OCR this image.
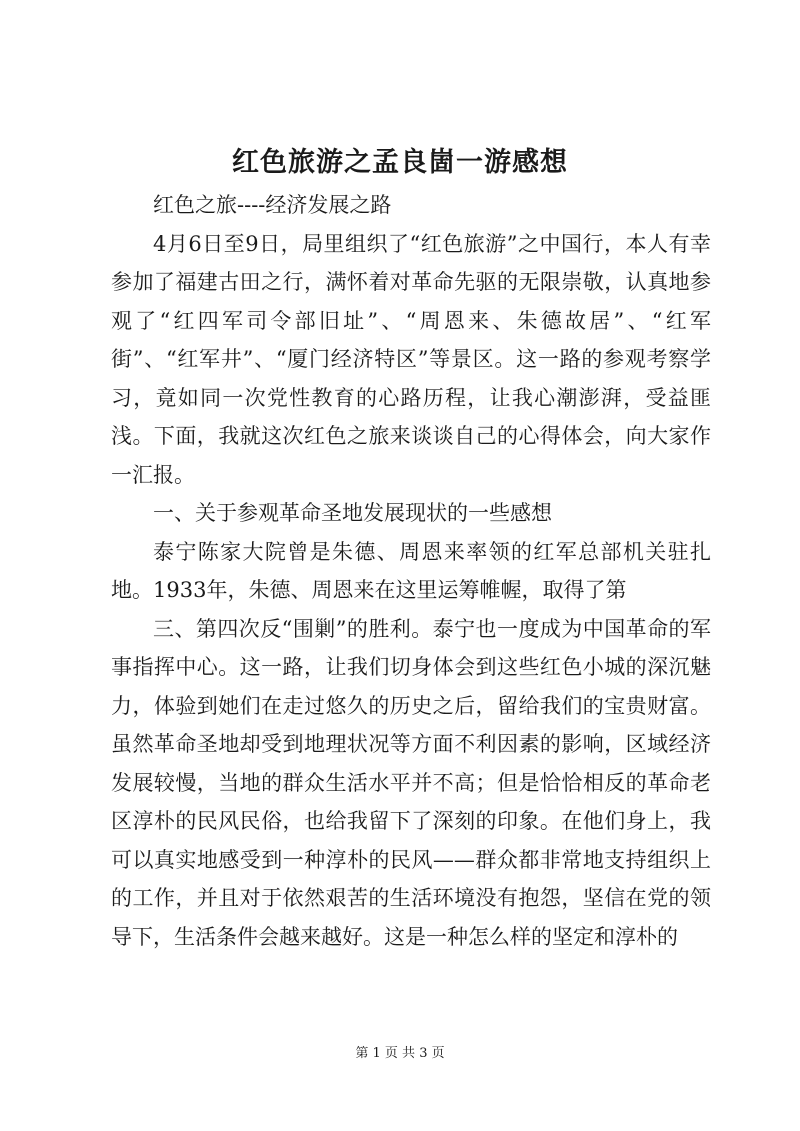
红色旅游之孟良崮一游感想

红色之旅----经济发展之路

4月6日至9日，局里组织了“红色旅游”之中国行，本人有幸参加了福建古田之行，满怀着对革命先驱的无限崇敬，认真地参观了“红四军司令部旧址”、“周恩来、朱德故居”、“红军街”、“红军井”、“厦门经济特区”等景区。这一路的参观考察学习，竟如同一次党性教育的心路历程，让我心潮澎湃，受益匪浅。下面，我就这次红色之旅来谈谈自己的心得体会，向大家作一汇报。

一、关于参观革命圣地发展现状的一些感想

泰宁陈家大院曾是朱德、周恩来率领的红军总部机关驻扎地。1933年，朱德、周恩来在这里运筹帷幄，取得了第

三、第四次反“围剿”的胜利。泰宁也一度成为中国革命的军事指挥中心。这一路，让我们切身体会到这些红色小城的深沉魅力，体验到她们在走过悠久的历史之后，留给我们的宝贵财富。虽然革命圣地却受到地理状况等方面不利因素的影响，区域经济发展较慢，当地的群众生活水平并不高；但是恰恰相反的革命老区淳朴的民风民俗，也给我留下了深刻的印象。在他们身上，我可以真实地感受到一种淳朴的民风——群众都非常地支持组织上的工作，并且对于依然艰苦的生活环境没有抱怨，坚信在党的领导下，生活条件会越来越好。这是一种怎么样的坚定和淳朴的

第 1 页 共 3 页
